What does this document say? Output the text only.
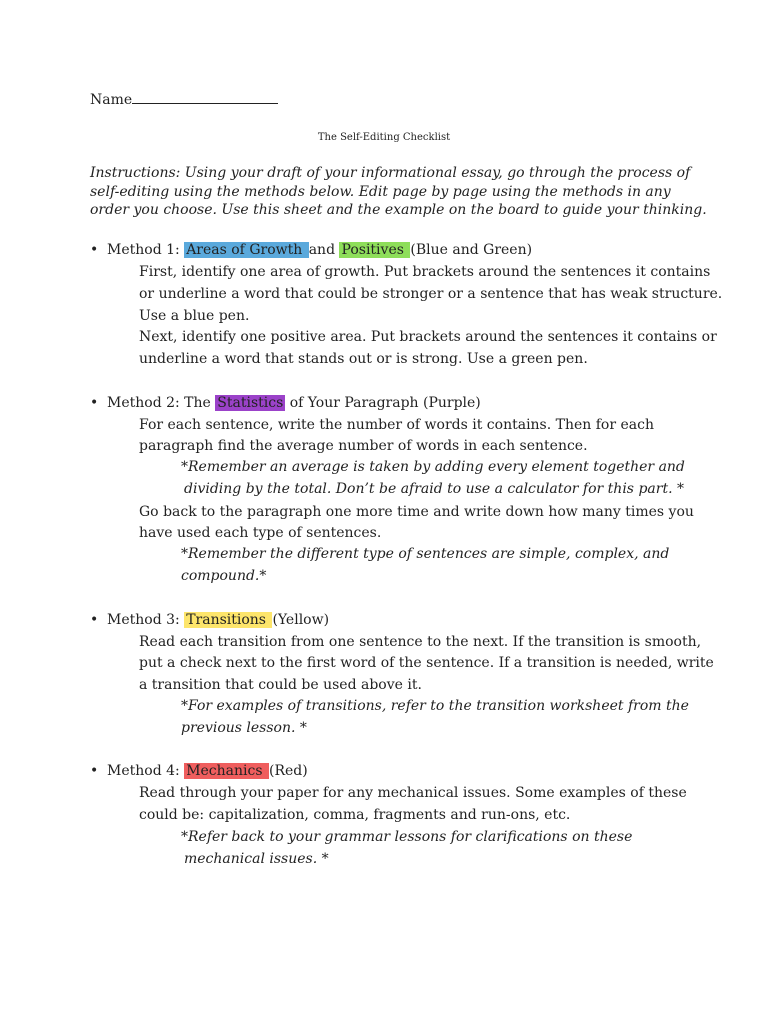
Name
The Self-Editing Checklist
Instructions: Using your draft of your informational essay, go through the process of
self-editing using the methods below. Edit page by page using the methods in any
order you choose. Use this sheet and the example on the board to guide your thinking.
• Method 1: Areas of Growth and Positives (Blue and Green)
First, identify one area of growth. Put brackets around the sentences it contains
or underline a word that could be stronger or a sentence that has weak structure.
Use a blue pen.
Next, identify one positive area. Put brackets around the sentences it contains or
underline a word that stands out or is strong. Use a green pen.
• Method 2: The Statistics of Your Paragraph (Purple)
For each sentence, write the number of words it contains. Then for each
paragraph find the average number of words in each sentence.
*Remember an average is taken by adding every element together and
dividing by the total. Don’t be afraid to use a calculator for this part. *
Go back to the paragraph one more time and write down how many times you
have used each type of sentences.
*Remember the different type of sentences are simple, complex, and
compound.*
• Method 3: Transitions (Yellow)
Read each transition from one sentence to the next. If the transition is smooth,
put a check next to the first word of the sentence. If a transition is needed, write
a transition that could be used above it.
*For examples of transitions, refer to the transition worksheet from the
previous lesson. *
• Method 4: Mechanics (Red)
Read through your paper for any mechanical issues. Some examples of these
could be: capitalization, comma, fragments and run-ons, etc.
*Refer back to your grammar lessons for clarifications on these
mechanical issues. *
